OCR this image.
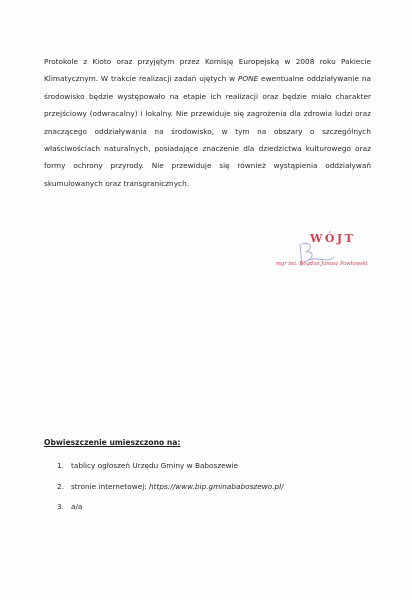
Protokole z Kioto oraz przyjętym przez Komisję Europejską w 2008 roku Pakiecie Klimatycznym. W trakcie realizacji zadań ujętych w PONE ewentualne oddziaływanie na środowisko będzie występowało na etapie ich realizacji oraz będzie miało charakter przejściowy (odwracalny) i lokalny. Nie przewiduje się zagrożenia dla zdrowia ludzi oraz znaczącego oddziaływania na środowisko, w tym na obszary o szczególnych właściwościach naturalnych, posiadające znaczenie dla dziedzictwa kulturowego oraz formy ochrony przyrody. Nie przewiduje się również wystąpienia oddziaływań skumulowanych oraz transgranicznych.

WÓJT
mgr inż. Bogdan Janusz Pawłowski

Obwieszczenie umieszczono na:

1. tablicy ogłoszeń Urzędu Gminy w Baboszewie
2. stronie internetowej: https://www.bip.gminababoszewo.pl/
3. a/a
